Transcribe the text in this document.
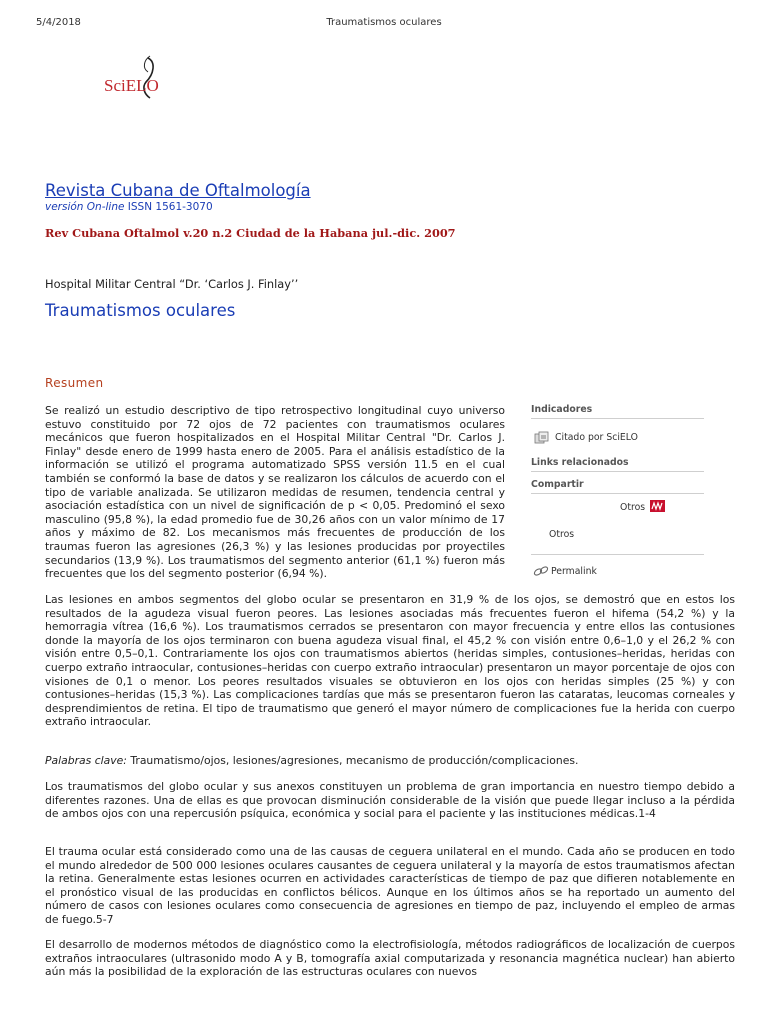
5/4/2018	Traumatismos oculares
SciELO
Revista Cubana de Oftalmología
versión On-line ISSN 1561-3070
Rev Cubana Oftalmol v.20 n.2 Ciudad de la Habana jul.-dic. 2007
Hospital Militar Central “Dr. ‘Carlos J. Finlay’’
Traumatismos oculares
Resumen

Se realizó un estudio descriptivo de tipo retrospectivo longitudinal cuyo universo estuvo constituido por 72 ojos de 72 pacientes con traumatismos oculares mecánicos que fueron hospitalizados en el Hospital Militar Central "Dr. Carlos J. Finlay" desde enero de 1999 hasta enero de 2005. Para el análisis estadístico de la información se utilizó el programa automatizado SPSS versión 11.5 en el cual también se conformó la base de datos y se realizaron los cálculos de acuerdo con el tipo de variable analizada. Se utilizaron medidas de resumen, tendencia central y asociación estadística con un nivel de significación de p < 0,05. Predominó el sexo masculino (95,8 %), la edad promedio fue de 30,26 años con un valor mínimo de 17 años y máximo de 82. Los mecanismos más frecuentes de producción de los traumas fueron las agresiones (26,3 %) y las lesiones producidas por proyectiles secundarios (13,9 %). Los traumatismos del segmento anterior (61,1 %) fueron más frecuentes que los del segmento posterior (6,94 %).

Indicadores
Citado por SciELO
Links relacionados
Compartir
Otros
Otros
Permalink

Las lesiones en ambos segmentos del globo ocular se presentaron en 31,9 % de los ojos, se demostró que en estos los resultados de la agudeza visual fueron peores. Las lesiones asociadas más frecuentes fueron el hifema (54,2 %) y la hemorragia vítrea (16,6 %). Los traumatismos cerrados se presentaron con mayor frecuencia y entre ellos las contusiones donde la mayoría de los ojos terminaron con buena agudeza visual final, el 45,2 % con visión entre 0,6–1,0 y el 26,2 % con visión entre 0,5–0,1. Contrariamente los ojos con traumatismos abiertos (heridas simples, contusiones–heridas, heridas con cuerpo extraño intraocular, contusiones–heridas con cuerpo extraño intraocular) presentaron un mayor porcentaje de ojos con visiones de 0,1 o menor. Los peores resultados visuales se obtuvieron en los ojos con heridas simples (25 %) y con contusiones–heridas (15,3 %). Las complicaciones tardías que más se presentaron fueron las cataratas, leucomas corneales y desprendimientos de retina. El tipo de traumatismo que generó el mayor número de complicaciones fue la herida con cuerpo extraño intraocular.

Palabras clave: Traumatismo/ojos, lesiones/agresiones, mecanismo de producción/complicaciones.

Los traumatismos del globo ocular y sus anexos constituyen un problema de gran importancia en nuestro tiempo debido a diferentes razones. Una de ellas es que provocan disminución considerable de la visión que puede llegar incluso a la pérdida de ambos ojos con una repercusión psíquica, económica y social para el paciente y las instituciones médicas.1-4

El trauma ocular está considerado como una de las causas de ceguera unilateral en el mundo. Cada año se producen en todo el mundo alrededor de 500 000 lesiones oculares causantes de ceguera unilateral y la mayoría de estos traumatismos afectan la retina. Generalmente estas lesiones ocurren en actividades características de tiempo de paz que difieren notablemente en el pronóstico visual de las producidas en conflictos bélicos. Aunque en los últimos años se ha reportado un aumento del número de casos con lesiones oculares como consecuencia de agresiones en tiempo de paz, incluyendo el empleo de armas de fuego.5-7

El desarrollo de modernos métodos de diagnóstico como la electrofisiología, métodos radiográficos de localización de cuerpos extraños intraoculares (ultrasonido modo A y B, tomografía axial computarizada y resonancia magnética nuclear) han abierto aún más la posibilidad de la exploración de las estructuras oculares con nuevos
